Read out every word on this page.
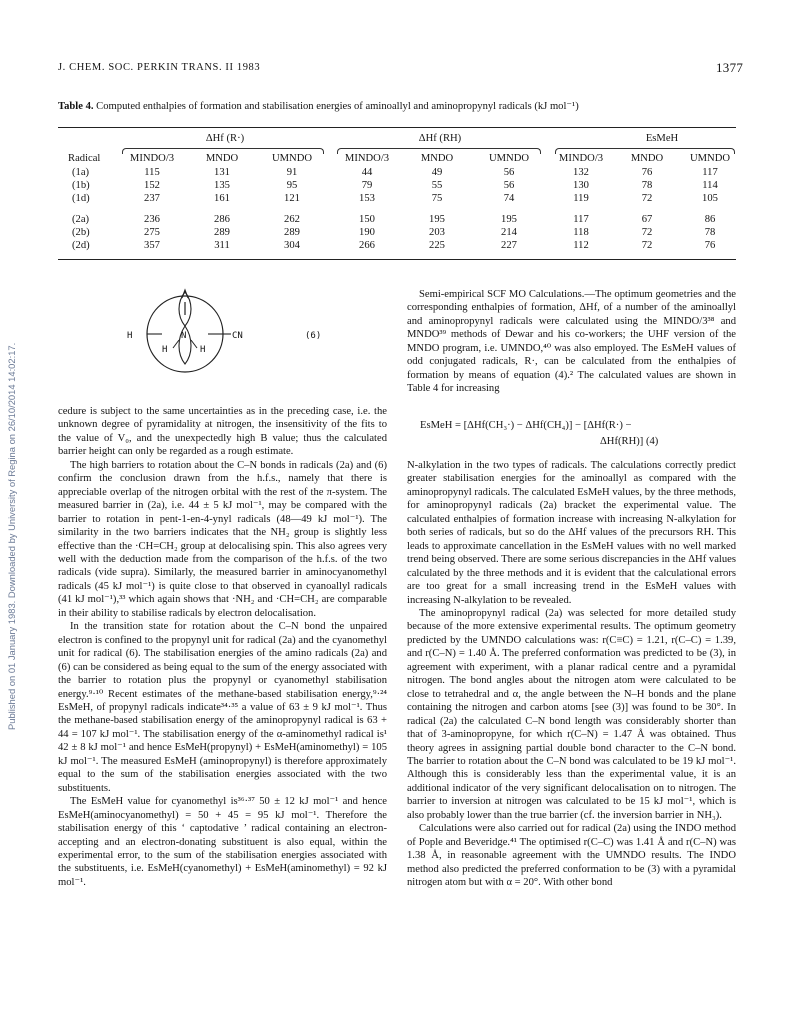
J. CHEM. SOC. PERKIN TRANS. II 1983	1377
Published on 01 January 1983. Downloaded by University of Regina on 26/10/2014 14:02:17.
Table 4. Computed enthalpies of formation and stabilisation energies of aminoallyl and aminopropynyl radicals (kJ mol⁻¹)
ΔHf (R·)	ΔHf (RH)	EsMeH
Radical	MINDO/3	MNDO	UMNDO	MINDO/3	MNDO	UMNDO	MINDO/3	MNDO	UMNDO
(1a)	115	131	91	44	49	56	132	76	117
(1b)	152	135	95	79	55	56	130	78	114
(1d)	237	161	121	153	75	74	119	72	105
(2a)	236	286	262	150	195	195	117	67	86
(2b)	275	289	289	190	203	214	118	72	78
(2d)	357	311	304	266	225	227	112	72	76
H
H
N
H
CN	(6)

cedure is subject to the same uncertainties as in the preceding case, i.e. the unknown degree of pyramidality at nitrogen, the insensitivity of the fits to the value of V₀, and the unexpectedly high B value; thus the calculated barrier height can only be regarded as a rough estimate.

The high barriers to rotation about the C–N bonds in radicals (2a) and (6) confirm the conclusion drawn from the h.f.s., namely that there is appreciable overlap of the nitrogen orbital with the rest of the π-system. The measured barrier in (2a), i.e. 44 ± 5 kJ mol⁻¹, may be compared with the barrier to rotation in pent-1-en-4-ynyl radicals (48—49 kJ mol⁻¹). The similarity in the two barriers indicates that the NH₂ group is slightly less effective than the ·CH=CH₂ group at delocalising spin. This also agrees very well with the deduction made from the comparison of the h.f.s. of the two radicals (vide supra). Similarly, the measured barrier in aminocyanomethyl radicals (45 kJ mol⁻¹) is quite close to that observed in cyanoallyl radicals (41 kJ mol⁻¹),³³ which again shows that ·NH₂ and ·CH=CH₂ are comparable in their ability to stabilise radicals by electron delocalisation.

In the transition state for rotation about the C–N bond the unpaired electron is confined to the propynyl unit for radical (2a) and the cyanomethyl unit for radical (6). The stabilisation energies of the amino radicals (2a) and (6) can be considered as being equal to the sum of the energy associated with the barrier to rotation plus the propynyl or cyanomethyl stabilisation energy.⁹·¹⁰ Recent estimates of the methane-based stabilisation energy,⁹·²⁴ EsMeH, of propynyl radicals indicate³⁴·³⁵ a value of 63 ± 9 kJ mol⁻¹. Thus the methane-based stabilisation energy of the aminopropynyl radical is 63 + 44 = 107 kJ mol⁻¹. The stabilisation energy of the α-aminomethyl radical is¹ 42 ± 8 kJ mol⁻¹ and hence EsMeH(propynyl) + EsMeH(aminomethyl) = 105 kJ mol⁻¹. The measured EsMeH (aminopropynyl) is therefore approximately equal to the sum of the stabilisation energies associated with the two substituents.

The EsMeH value for cyanomethyl is³⁶·³⁷ 50 ± 12 kJ mol⁻¹ and hence EsMeH(aminocyanomethyl) = 50 + 45 = 95 kJ mol⁻¹. Therefore the stabilisation energy of this ‘ captodative ’ radical containing an electron-accepting and an electron-donating substituent is also equal, within the experimental error, to the sum of the stabilisation energies associated with the substituents, i.e. EsMeH(cyanomethyl) + EsMeH(aminomethyl) = 92 kJ mol⁻¹.

Semi-empirical SCF MO Calculations.—The optimum geometries and the corresponding enthalpies of formation, ΔHf, of a number of the aminoallyl and aminopropynyl radicals were calculated using the MINDO/3³⁸ and MNDO³⁹ methods of Dewar and his co-workers; the UHF version of the MNDO program, i.e. UMNDO,⁴⁰ was also employed. The EsMeH values of odd conjugated radicals, R·, can be calculated from the enthalpies of formation by means of equation (4).² The calculated values are shown in Table 4 for increasing

EsMeH = [ΔHf(CH₃·) − ΔHf(CH₄)] − [ΔHf(R·) −
ΔHf(RH)] (4)

N-alkylation in the two types of radicals. The calculations correctly predict greater stabilisation energies for the aminoallyl as compared with the aminopropynyl radicals. The calculated EsMeH values, by the three methods, for aminopropynyl radicals (2a) bracket the experimental value. The calculated enthalpies of formation increase with increasing N-alkylation for both series of radicals, but so do the ΔHf values of the precursors RH. This leads to approximate cancellation in the EsMeH values with no well marked trend being observed. There are some serious discrepancies in the ΔHf values calculated by the three methods and it is evident that the calculational errors are too great for a small increasing trend in the EsMeH values with increasing N-alkylation to be revealed.

The aminopropynyl radical (2a) was selected for more detailed study because of the more extensive experimental results. The optimum geometry predicted by the UMNDO calculations was: r(C≡C) = 1.21, r(C–C) = 1.39, and r(C–N) = 1.40 Å. The preferred conformation was predicted to be (3), in agreement with experiment, with a planar radical centre and a pyramidal nitrogen. The bond angles about the nitrogen atom were calculated to be close to tetrahedral and α, the angle between the N–H bonds and the plane containing the nitrogen and carbon atoms [see (3)] was found to be 30°. In radical (2a) the calculated C–N bond length was considerably shorter than that of 3-aminopropyne, for which r(C–N) = 1.47 Å was obtained. Thus theory agrees in assigning partial double bond character to the C–N bond. The barrier to rotation about the C–N bond was calculated to be 19 kJ mol⁻¹. Although this is considerably less than the experimental value, it is an additional indicator of the very significant delocalisation on to nitrogen. The barrier to inversion at nitrogen was calculated to be 15 kJ mol⁻¹, which is also probably lower than the true barrier (cf. the inversion barrier in NH₃).

Calculations were also carried out for radical (2a) using the INDO method of Pople and Beveridge.⁴¹ The optimised r(C–C) was 1.41 Å and r(C–N) was 1.38 Å, in reasonable agreement with the UMNDO results. The INDO method also predicted the preferred conformation to be (3) with a pyramidal nitrogen atom but with α = 20°. With other bond
